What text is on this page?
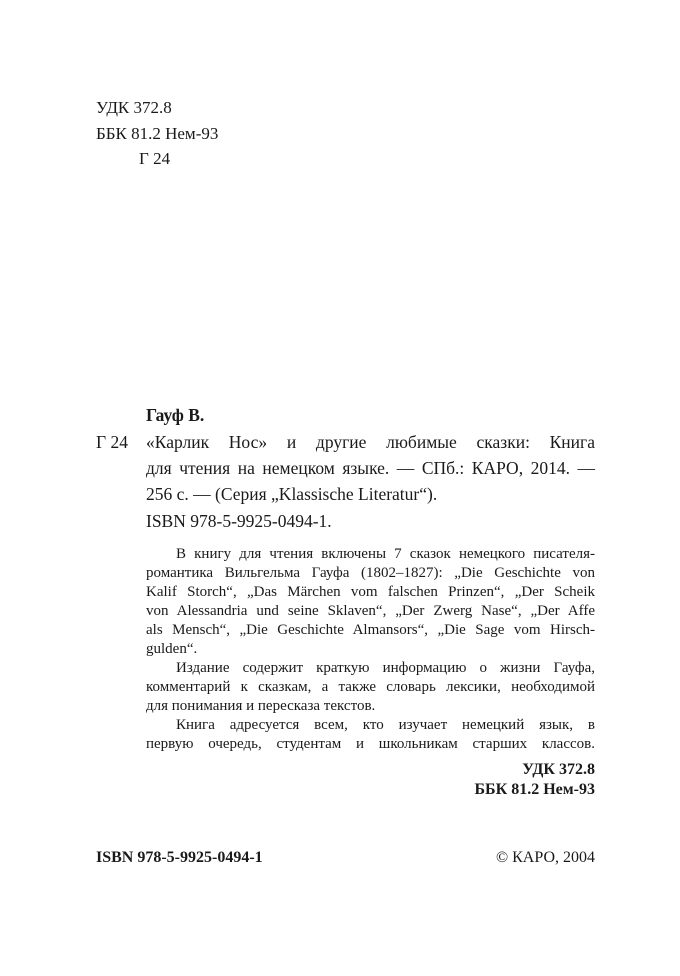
УДК 372.8
ББК 81.2 Нем-93
Г 24
Гауф В.
Г 24 «Карлик Нос» и другие любимые сказки: Книга
для чтения на немецком языке. — СПб.: КАРО, 2014. —
256 с. — (Серия „Klassische Literatur“).
ISBN 978-5-9925-0494-1.
В книгу для чтения включены 7 сказок немецкого писателя-
романтика Вильгельма Гауфа (1802–1827): „Die Geschichte von
Kalif Storch“, „Das Märchen vom falschen Prinzen“, „Der Scheik
von Alessandria und seine Sklaven“, „Der Zwerg Nase“, „Der Affe
als Mensch“, „Die Geschichte Almansors“, „Die Sage vom Hirsch-
gulden“.
Издание содержит краткую информацию о жизни Гауфа,
комментарий к сказкам, а также словарь лексики, необходимой
для понимания и пересказа текстов.
Книга адресуется всем, кто изучает немецкий язык, в
первую очередь, студентам и школьникам старших классов.
УДК 372.8
ББК 81.2 Нем-93
ISBN 978-5-9925-0494-1	© КАРО, 2004
